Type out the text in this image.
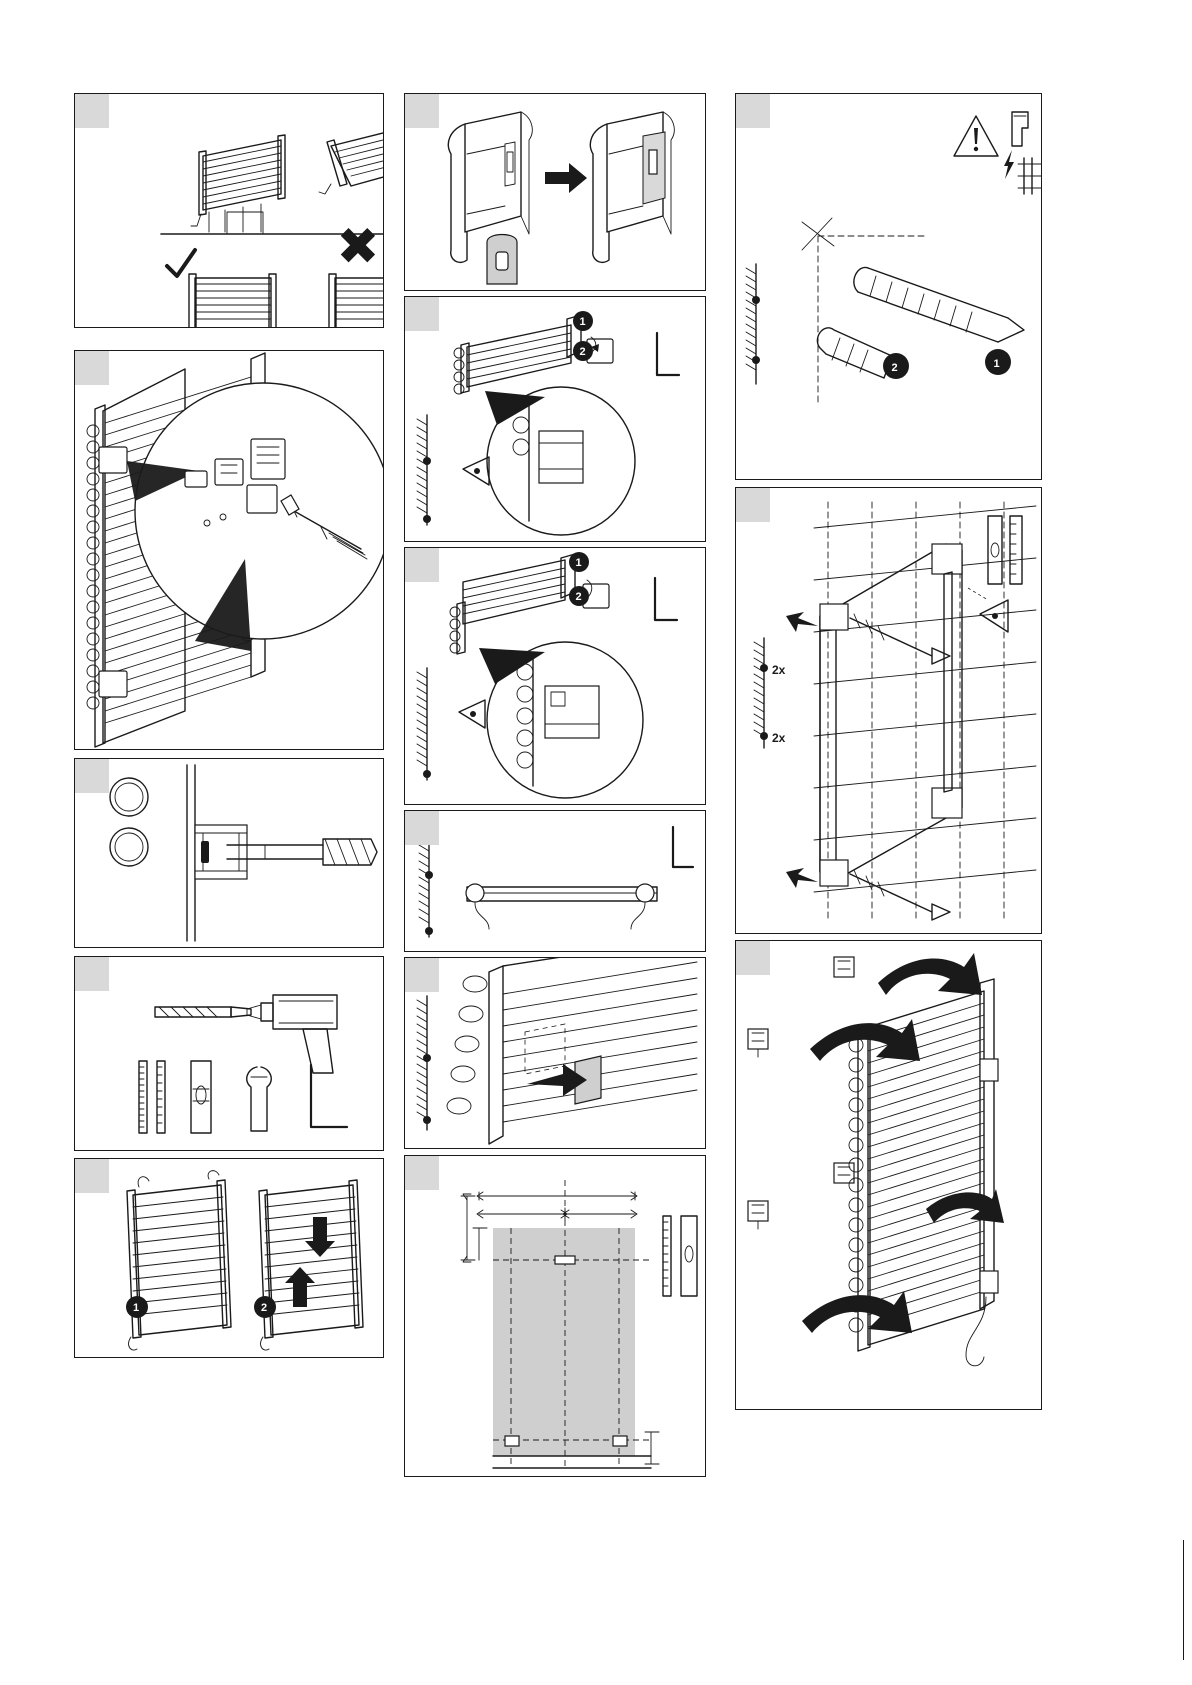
1	2
1
2
1
2
1
2
2x
2x
